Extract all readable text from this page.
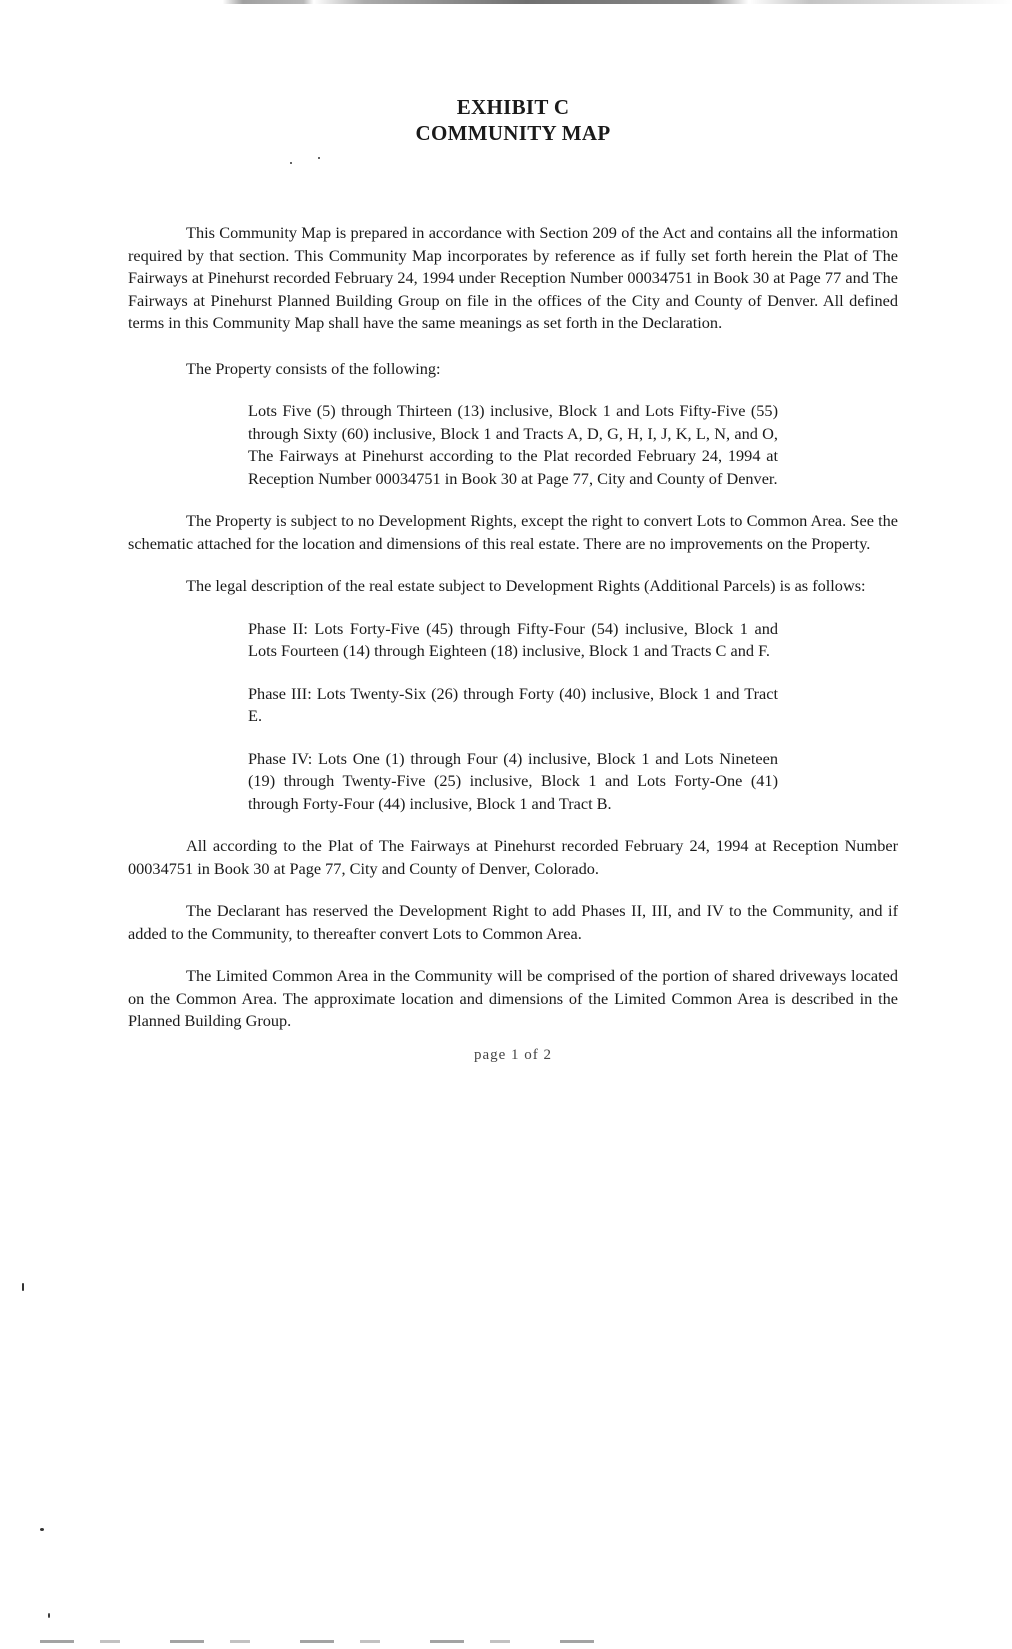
EXHIBIT C
COMMUNITY MAP

This Community Map is prepared in accordance with Section 209 of the Act and contains all the information required by that section. This Community Map incorporates by reference as if fully set forth herein the Plat of The Fairways at Pinehurst recorded February 24, 1994 under Reception Number 00034751 in Book 30 at Page 77 and The Fairways at Pinehurst Planned Building Group on file in the offices of the City and County of Denver. All defined terms in this Community Map shall have the same meanings as set forth in the Declaration.

The Property consists of the following:

Lots Five (5) through Thirteen (13) inclusive, Block 1 and Lots Fifty-Five (55) through Sixty (60) inclusive, Block 1 and Tracts A, D, G, H, I, J, K, L, N, and O, The Fairways at Pinehurst according to the Plat recorded February 24, 1994 at Reception Number 00034751 in Book 30 at Page 77, City and County of Denver.

The Property is subject to no Development Rights, except the right to convert Lots to Common Area. See the schematic attached for the location and dimensions of this real estate. There are no improvements on the Property.

The legal description of the real estate subject to Development Rights (Additional Parcels) is as follows:

Phase II: Lots Forty-Five (45) through Fifty-Four (54) inclusive, Block 1 and Lots Fourteen (14) through Eighteen (18) inclusive, Block 1 and Tracts C and F.

Phase III: Lots Twenty-Six (26) through Forty (40) inclusive, Block 1 and Tract E.

Phase IV: Lots One (1) through Four (4) inclusive, Block 1 and Lots Nineteen (19) through Twenty-Five (25) inclusive, Block 1 and Lots Forty-One (41) through Forty-Four (44) inclusive, Block 1 and Tract B.

All according to the Plat of The Fairways at Pinehurst recorded February 24, 1994 at Reception Number 00034751 in Book 30 at Page 77, City and County of Denver, Colorado.

The Declarant has reserved the Development Right to add Phases II, III, and IV to the Community, and if added to the Community, to thereafter convert Lots to Common Area.

The Limited Common Area in the Community will be comprised of the portion of shared driveways located on the Common Area. The approximate location and dimensions of the Limited Common Area is described in the Planned Building Group.

page 1 of 2
